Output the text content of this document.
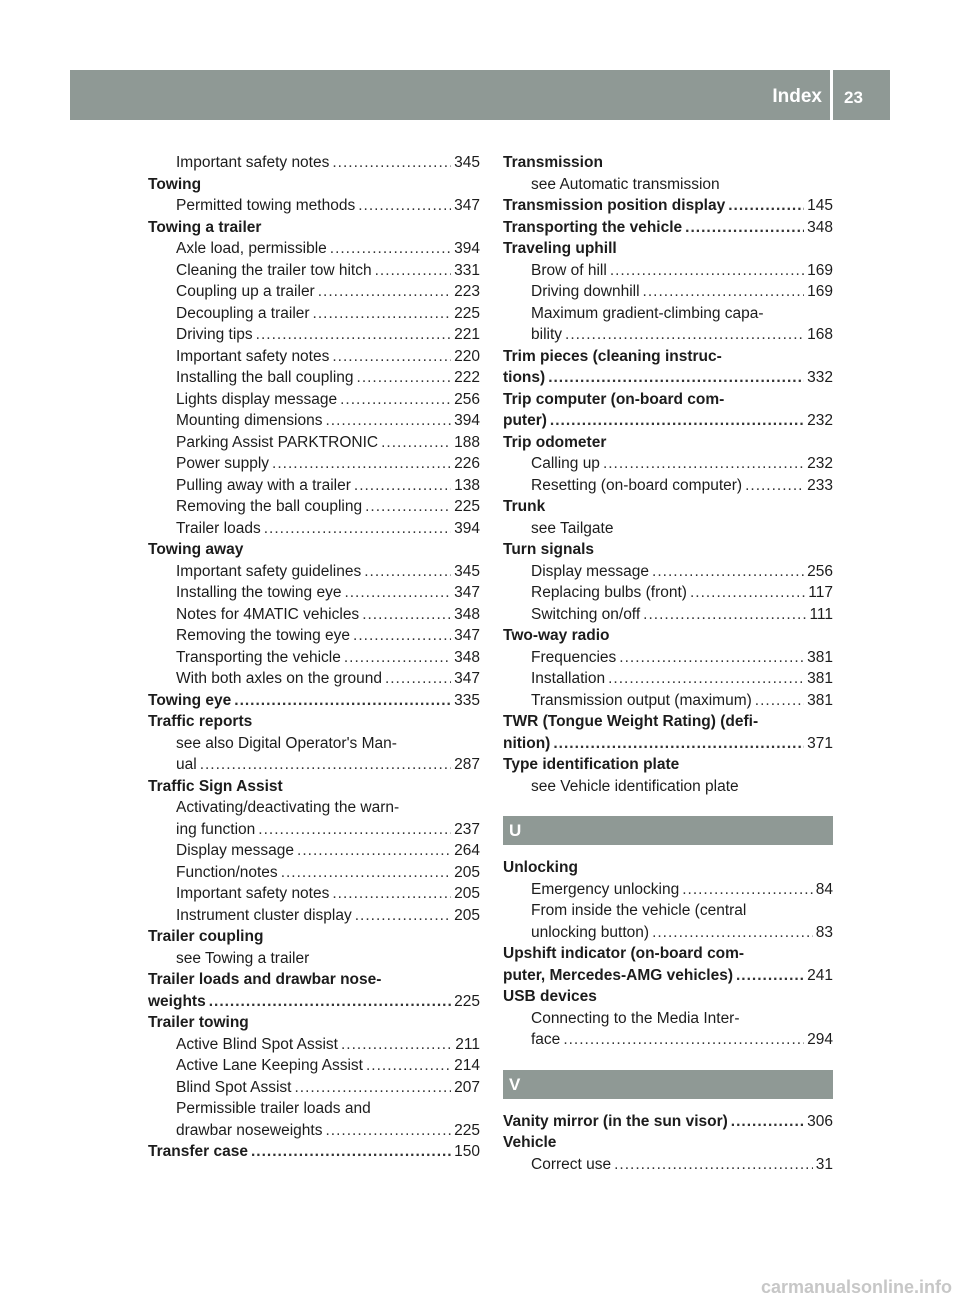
Index 23
Important safety notes .....	345
Towing
Permitted towing methods .....	347
Towing a trailer
Axle load, permissible .....	394
Cleaning the trailer tow hitch .....	331
Coupling up a trailer .....	223
Decoupling a trailer .....	225
Driving tips .....	221
Important safety notes .....	220
Installing the ball coupling .....	222
Lights display message .....	256
Mounting dimensions .....	394
Parking Assist PARKTRONIC .....	188
Power supply .....	226
Pulling away with a trailer .....	138
Removing the ball coupling .....	225
Trailer loads .....	394
Towing away
Important safety guidelines .....	345
Installing the towing eye .....	347
Notes for 4MATIC vehicles .....	348
Removing the towing eye .....	347
Transporting the vehicle .....	348
With both axles on the ground .....	347
Towing eye .....	335
Traffic reports
see also Digital Operator's Man-
ual .....	287
Traffic Sign Assist
Activating/deactivating the warn-
ing function .....	237
Display message .....	264
Function/notes .....	205
Important safety notes .....	205
Instrument cluster display .....	205
Trailer coupling
see Towing a trailer
Trailer loads and drawbar nose-
weights .....	225
Trailer towing
Active Blind Spot Assist .....	211
Active Lane Keeping Assist .....	214
Blind Spot Assist .....	207
Permissible trailer loads and
drawbar noseweights .....	225
Transfer case .....	150
Transmission
see Automatic transmission
Transmission position display .....	145
Transporting the vehicle .....	348
Traveling uphill
Brow of hill .....	169
Driving downhill .....	169
Maximum gradient-climbing capa-
bility .....	168
Trim pieces (cleaning instruc-
tions) .....	332
Trip computer (on-board com-
puter) .....	232
Trip odometer
Calling up .....	232
Resetting (on-board computer) .....	233
Trunk
see Tailgate
Turn signals
Display message .....	256
Replacing bulbs (front) .....	117
Switching on/off .....	111
Two-way radio
Frequencies .....	381
Installation .....	381
Transmission output (maximum) .....	381
TWR (Tongue Weight Rating) (defi-
nition) .....	371
Type identification plate
see Vehicle identification plate
U
Unlocking
Emergency unlocking .....	84
From inside the vehicle (central
unlocking button) .....	83
Upshift indicator (on-board com-
puter, Mercedes-AMG vehicles) .....	241
USB devices
Connecting to the Media Inter-
face .....	294
V
Vanity mirror (in the sun visor) .....	306
Vehicle
Correct use .....	31
carmanualsonline.info
